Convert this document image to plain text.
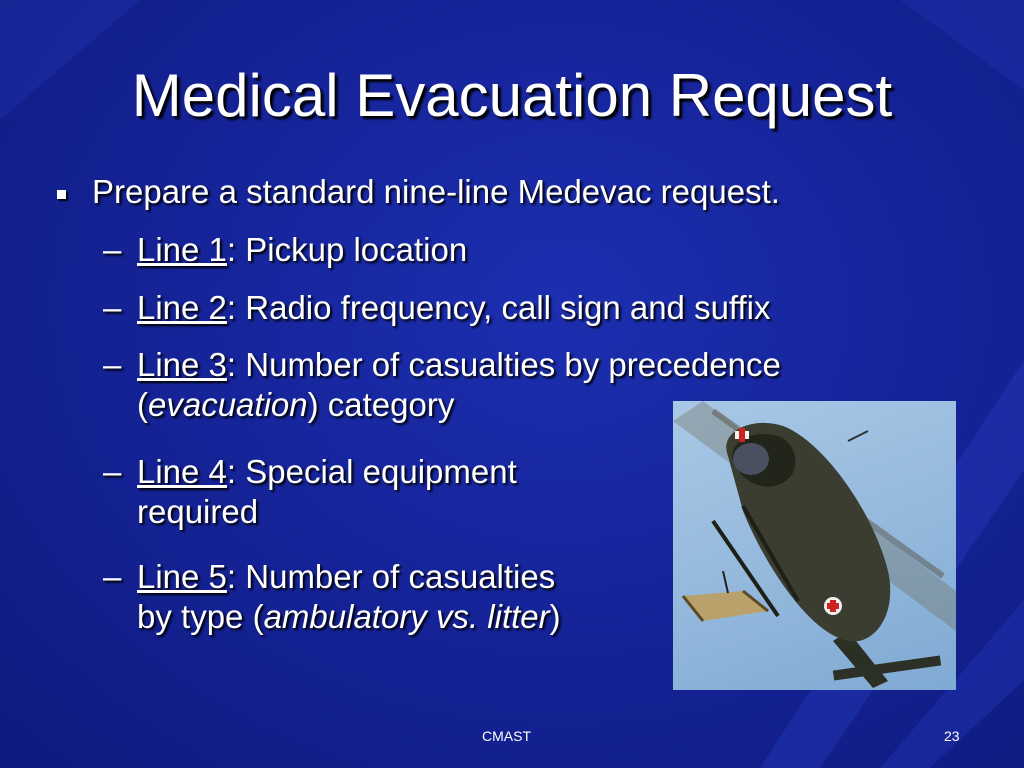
Medical Evacuation Request
Prepare a standard nine-line Medevac request.
– Line 1: Pickup location
– Line 2: Radio frequency, call sign and suffix
– Line 3: Number of casualties by precedence
(evacuation) category
– Line 4: Special equipment
required
– Line 5: Number of casualties
by type (ambulatory vs. litter)
CMAST	23
